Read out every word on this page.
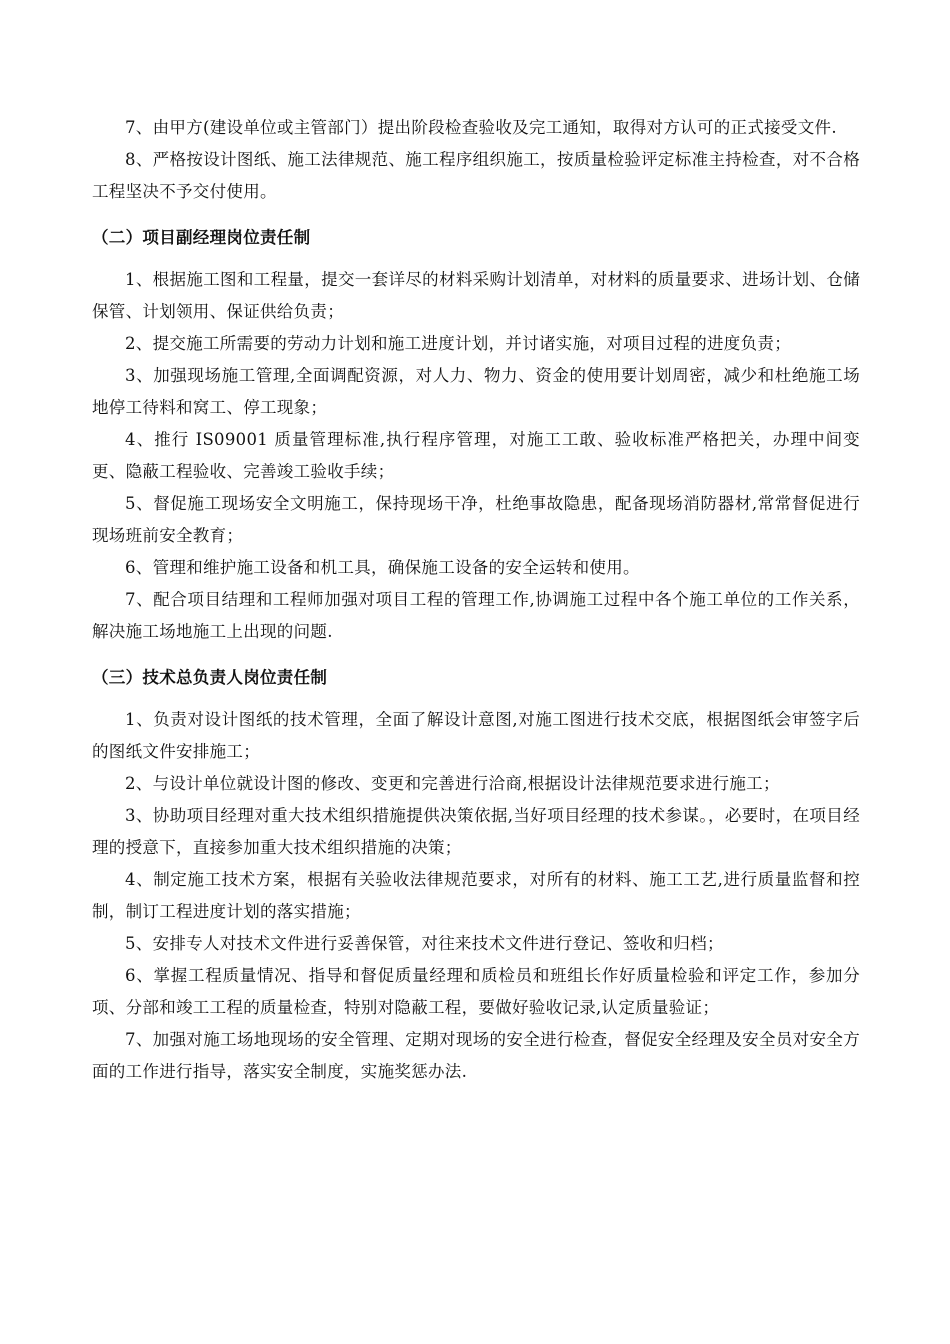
7、由甲方(建设单位或主管部门）提出阶段检查验收及完工通知，取得对方认可的正式接受文件.

8、严格按设计图纸、施工法律规范、施工程序组织施工，按质量检验评定标准主持检查，对不合格工程坚决不予交付使用。

（二）项目副经理岗位责任制

1、根据施工图和工程量，提交一套详尽的材料采购计划清单，对材料的质量要求、进场计划、仓储保管、计划领用、保证供给负责；

2、提交施工所需要的劳动力计划和施工进度计划，并讨诸实施，对项目过程的进度负责；

3、加强现场施工管理,全面调配资源，对人力、物力、资金的使用要计划周密，减少和杜绝施工场地停工待料和窝工、停工现象；

4、推行 IS09001 质量管理标准,执行程序管理，对施工工敢、验收标准严格把关，办理中间变更、隐蔽工程验收、完善竣工验收手续；

5、督促施工现场安全文明施工，保持现场干净，杜绝事故隐患，配备现场消防器材,常常督促进行现场班前安全教育；

6、管理和维护施工设备和机工具，确保施工设备的安全运转和使用。

7、配合项目结理和工程师加强对项目工程的管理工作,协调施工过程中各个施工单位的工作关系，解决施工场地施工上出现的问题.

（三）技术总负责人岗位责任制

1、负责对设计图纸的技术管理，全面了解设计意图,对施工图进行技术交底，根据图纸会审签字后的图纸文件安排施工；

2、与设计单位就设计图的修改、变更和完善进行洽商,根据设计法律规范要求进行施工；

3、协助项目经理对重大技术组织措施提供决策依据,当好项目经理的技术参谋。，必要时，在项目经理的授意下，直接参加重大技术组织措施的决策；

4、制定施工技术方案，根据有关验收法律规范要求，对所有的材料、施工工艺,进行质量监督和控制，制订工程进度计划的落实措施；

5、安排专人对技术文件进行妥善保管，对往来技术文件进行登记、签收和归档；

6、掌握工程质量情况、指导和督促质量经理和质检员和班组长作好质量检验和评定工作，参加分项、分部和竣工工程的质量检查，特别对隐蔽工程，要做好验收记录,认定质量验证；

7、加强对施工场地现场的安全管理、定期对现场的安全进行检查，督促安全经理及安全员对安全方面的工作进行指导，落实安全制度，实施奖惩办法.
